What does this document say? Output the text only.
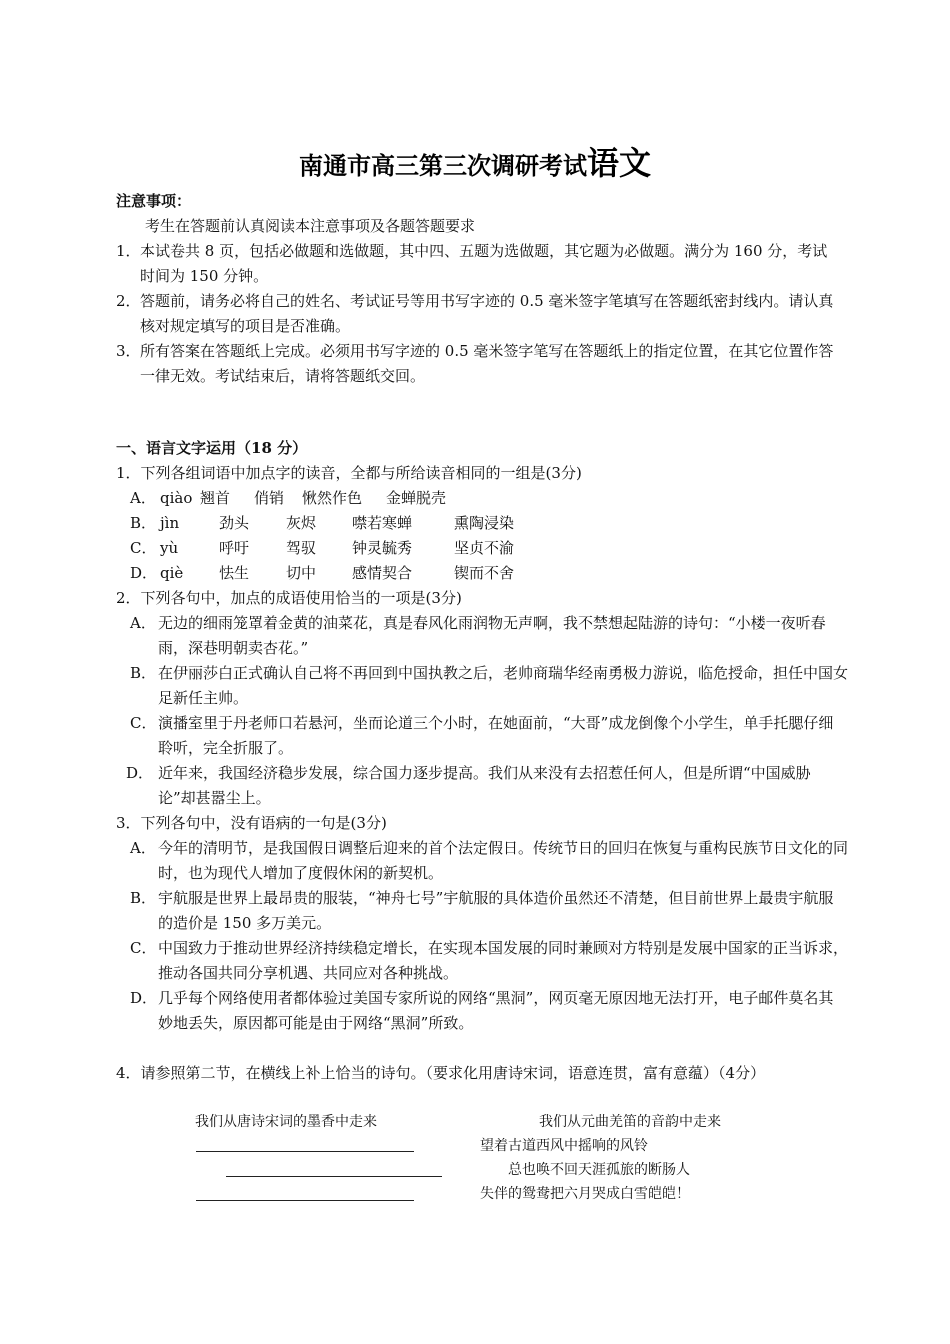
南通市高三第三次调研考试语文
注意事项：
考生在答题前认真阅读本注意事项及各题答题要求
1． 本试卷共 8 页，包括必做题和选做题，其中四、五题为选做题，其它题为必做题。满分为 160 分，考试时间为 150 分钟。
2． 答题前，请务必将自己的姓名、考试证号等用书写字迹的 0.5 毫米签字笔填写在答题纸密封线内。请认真核对规定填写的项目是否准确。
3． 所有答案在答题纸上完成。必须用书写字迹的 0.5 毫米签字笔写在答题纸上的指定位置，在其它位置作答一律无效。考试结束后，请将答题纸交回。
一、语言文字运用（18 分）
1．下列各组词语中加点字的读音，全都与所给读音相同的一组是(3分)
A． qiào 翘首 俏销 愀然作色 金蝉脱壳
B． jìn	劲头 灰烬 噤若寒蝉	熏陶浸染
C． yù	呼吁 驾驭 钟灵毓秀	坚贞不渝
D． qiè 怯生 切中 感情契合	锲而不舍
2．下列各句中，加点的成语使用恰当的一项是(3分)
A． 无边的细雨笼罩着金黄的油菜花，真是春风化雨润物无声啊，我不禁想起陆游的诗句：“小楼一夜听春雨，深巷明朝卖杏花。”
B． 在伊丽莎白正式确认自己将不再回到中国执教之后，老帅商瑞华经南勇极力游说，临危授命，担任中国女足新任主帅。
C． 演播室里于丹老师口若悬河，坐而论道三个小时，在她面前，“大哥”成龙倒像个小学生，单手托腮仔细聆听，完全折服了。
D． 近年来，我国经济稳步发展，综合国力逐步提高。我们从来没有去招惹任何人，但是所谓“中国威胁论”却甚嚣尘上。
3．下列各句中，没有语病的一句是(3分)
A． 今年的清明节，是我国假日调整后迎来的首个法定假日。传统节日的回归在恢复与重构民族节日文化的同时，也为现代人增加了度假休闲的新契机。
B． 宇航服是世界上最昂贵的服装，“神舟七号”宇航服的具体造价虽然还不清楚，但目前世界上最贵宇航服的造价是 150 多万美元。
C． 中国致力于推动世界经济持续稳定增长，在实现本国发展的同时兼顾对方特别是发展中国家的正当诉求，推动各国共同分享机遇、共同应对各种挑战。
D． 几乎每个网络使用者都体验过美国专家所说的网络“黑洞”，网页毫无原因地无法打开，电子邮件莫名其妙地丢失，原因都可能是由于网络“黑洞”所致。
4．请参照第二节，在横线上补上恰当的诗句。（要求化用唐诗宋词，语意连贯，富有意蕴）（4分）
我们从唐诗宋词的墨香中走来	我们从元曲羌笛的音韵中走来
望着古道西风中摇响的风铃
总也唤不回天涯孤旅的断肠人
失伴的鸳鸯把六月哭成白雪皑皑！
